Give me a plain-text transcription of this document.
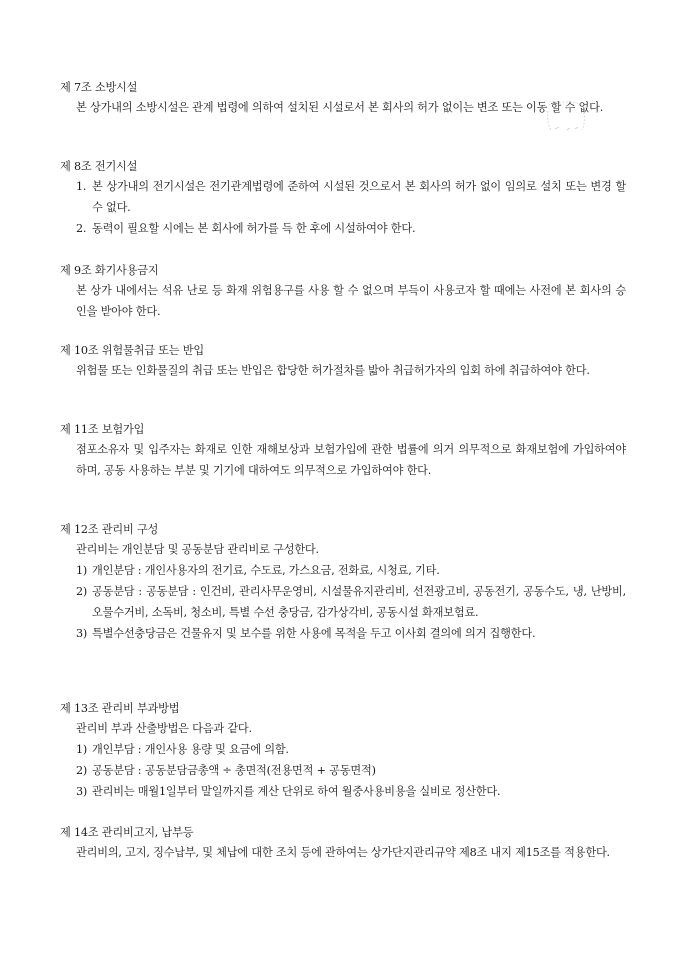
제 7조 소방시설
본 상가내의 소방시설은 관계 법령에 의하여 설치된 시설로서 본 회사의 허가 없이는 변조 또는 이동 할 수 없다.
제 8조 전기시설
1. 본 상가내의 전기시설은 전기관계법령에 준하여 시설된 것으로서 본 회사의 허가 없이 임의로 설치 또는 변경 할 수 없다.
2. 동력이 필요할 시에는 본 회사에 허가를 득 한 후에 시설하여야 한다.
제 9조 화기사용금지
본 상가 내에서는 석유 난로 등 화재 위험용구를 사용 할 수 없으며 부득이 사용코자 할 때에는 사전에 본 회사의 승인을 받아야 한다.
제 10조 위험물취급 또는 반입
위험물 또는 인화물질의 취급 또는 반입은 합당한 허가절차를 밟아 취급허가자의 입회 하에 취급하여야 한다.
제 11조 보험가입
점포소유자 및 입주자는 화재로 인한 재해보상과 보험가입에 관한 법률에 의거 의무적으로 화재보험에 가입하여야 하며, 공동 사용하는 부분 및 기기에 대하여도 의무적으로 가입하여야 한다.
제 12조 관리비 구성
관리비는 개인분담 및 공동분담 관리비로 구성한다.
1) 개인분담 : 개인사용자의 전기료, 수도료, 가스요금, 전화료, 시청료, 기타.
2) 공동분담 : 공동분담 : 인건비, 관리사무운영비, 시설물유지관리비, 선전광고비, 공동전기, 공동수도, 냉, 난방비, 오물수거비, 소독비, 청소비, 특별 수선 충당금, 감가상각비, 공동시설 화재보험료.
3) 특별수선충당금은 건물유지 및 보수를 위한 사용에 목적을 두고 이사회 결의에 의거 집행한다.
제 13조 관리비 부과방법
관리비 부과 산출방법은 다음과 같다.
1) 개인부담 : 개인사용 용량 및 요금에 의함.
2) 공동분담 : 공동분담금총액 ÷ 총면적(전용면적 + 공동면적)
3) 관리비는 매월1일부터 말일까지를 계산 단위로 하여 월중사용비용을 실비로 정산한다.
제 14조 관리비고지, 납부등
관리비의, 고지, 징수납부, 및 체납에 대한 조치 등에 관하여는 상가단지관리규약 제8조 내지 제15조를 적용한다.
